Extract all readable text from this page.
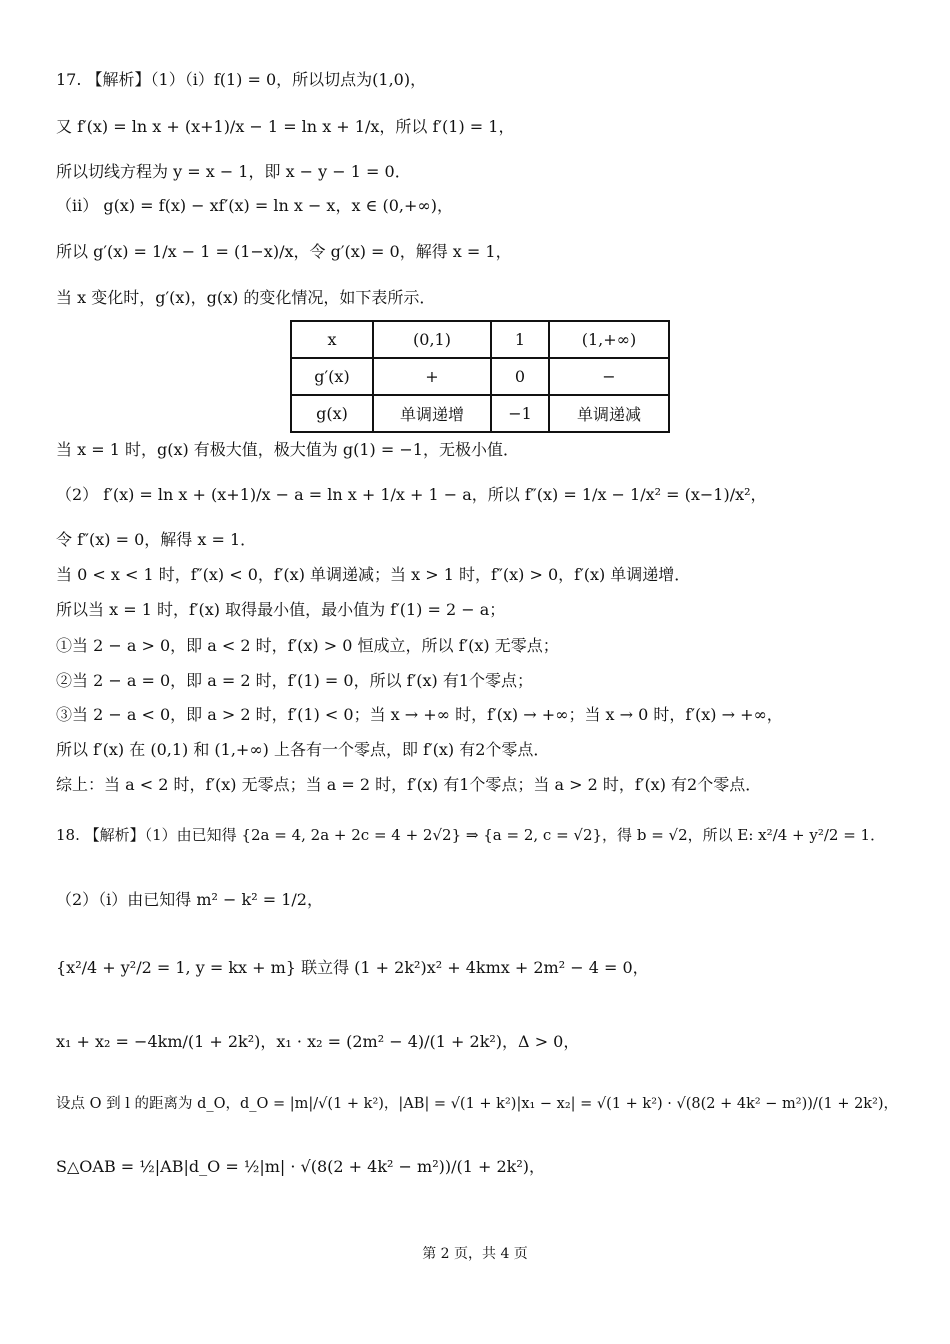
17. 【解析】（1）（i）f(1) = 0，所以切点为(1,0)，
又 f′(x) = ln x + (x+1)/x − 1 = ln x + 1/x，所以 f′(1) = 1，
所以切线方程为 y = x − 1，即 x − y − 1 = 0．
（ii） g(x) = f(x) − xf′(x) = ln x − x，x ∈ (0,+∞)，
所以 g′(x) = 1/x − 1 = (1−x)/x，令 g′(x) = 0，解得 x = 1，
当 x 变化时，g′(x)，g(x) 的变化情况，如下表所示．
x	(0,1)	1	(1,+∞)
g′(x)	+	0	−
g(x)	单调递增	−1	单调递减
当 x = 1 时，g(x) 有极大值，极大值为 g(1) = −1，无极小值．
（2） f′(x) = ln x + (x+1)/x − a = ln x + 1/x + 1 − a，所以 f″(x) = 1/x − 1/x² = (x−1)/x²，
令 f″(x) = 0，解得 x = 1．
当 0 < x < 1 时，f″(x) < 0，f′(x) 单调递减；当 x > 1 时，f″(x) > 0，f′(x) 单调递增．
所以当 x = 1 时，f′(x) 取得最小值，最小值为 f′(1) = 2 − a；
①当 2 − a > 0，即 a < 2 时，f′(x) > 0 恒成立，所以 f′(x) 无零点；
②当 2 − a = 0，即 a = 2 时，f′(1) = 0，所以 f′(x) 有1个零点；
③当 2 − a < 0，即 a > 2 时，f′(1) < 0；当 x → +∞ 时，f′(x) → +∞；当 x → 0 时，f′(x) → +∞，
所以 f′(x) 在 (0,1) 和 (1,+∞) 上各有一个零点，即 f′(x) 有2个零点．
综上：当 a < 2 时，f′(x) 无零点；当 a = 2 时，f′(x) 有1个零点；当 a > 2 时，f′(x) 有2个零点．
18. 【解析】（1）由已知得 {2a = 4, 2a + 2c = 4 + 2√2} ⇒ {a = 2, c = √2}，得 b = √2，所以 E: x²/4 + y²/2 = 1．
（2）（i）由已知得 m² − k² = 1/2，
{x²/4 + y²/2 = 1, y = kx + m} 联立得 (1 + 2k²)x² + 4kmx + 2m² − 4 = 0，
x₁ + x₂ = −4km/(1 + 2k²)，x₁ · x₂ = (2m² − 4)/(1 + 2k²)，Δ > 0，
设点 O 到 l 的距离为 d_O，d_O = |m|/√(1 + k²)，|AB| = √(1 + k²)|x₁ − x₂| = √(1 + k²) · √(8(2 + 4k² − m²))/(1 + 2k²)，
S△OAB = ½|AB|d_O = ½|m| · √(8(2 + 4k² − m²))/(1 + 2k²)，
第 2 页，共 4 页
